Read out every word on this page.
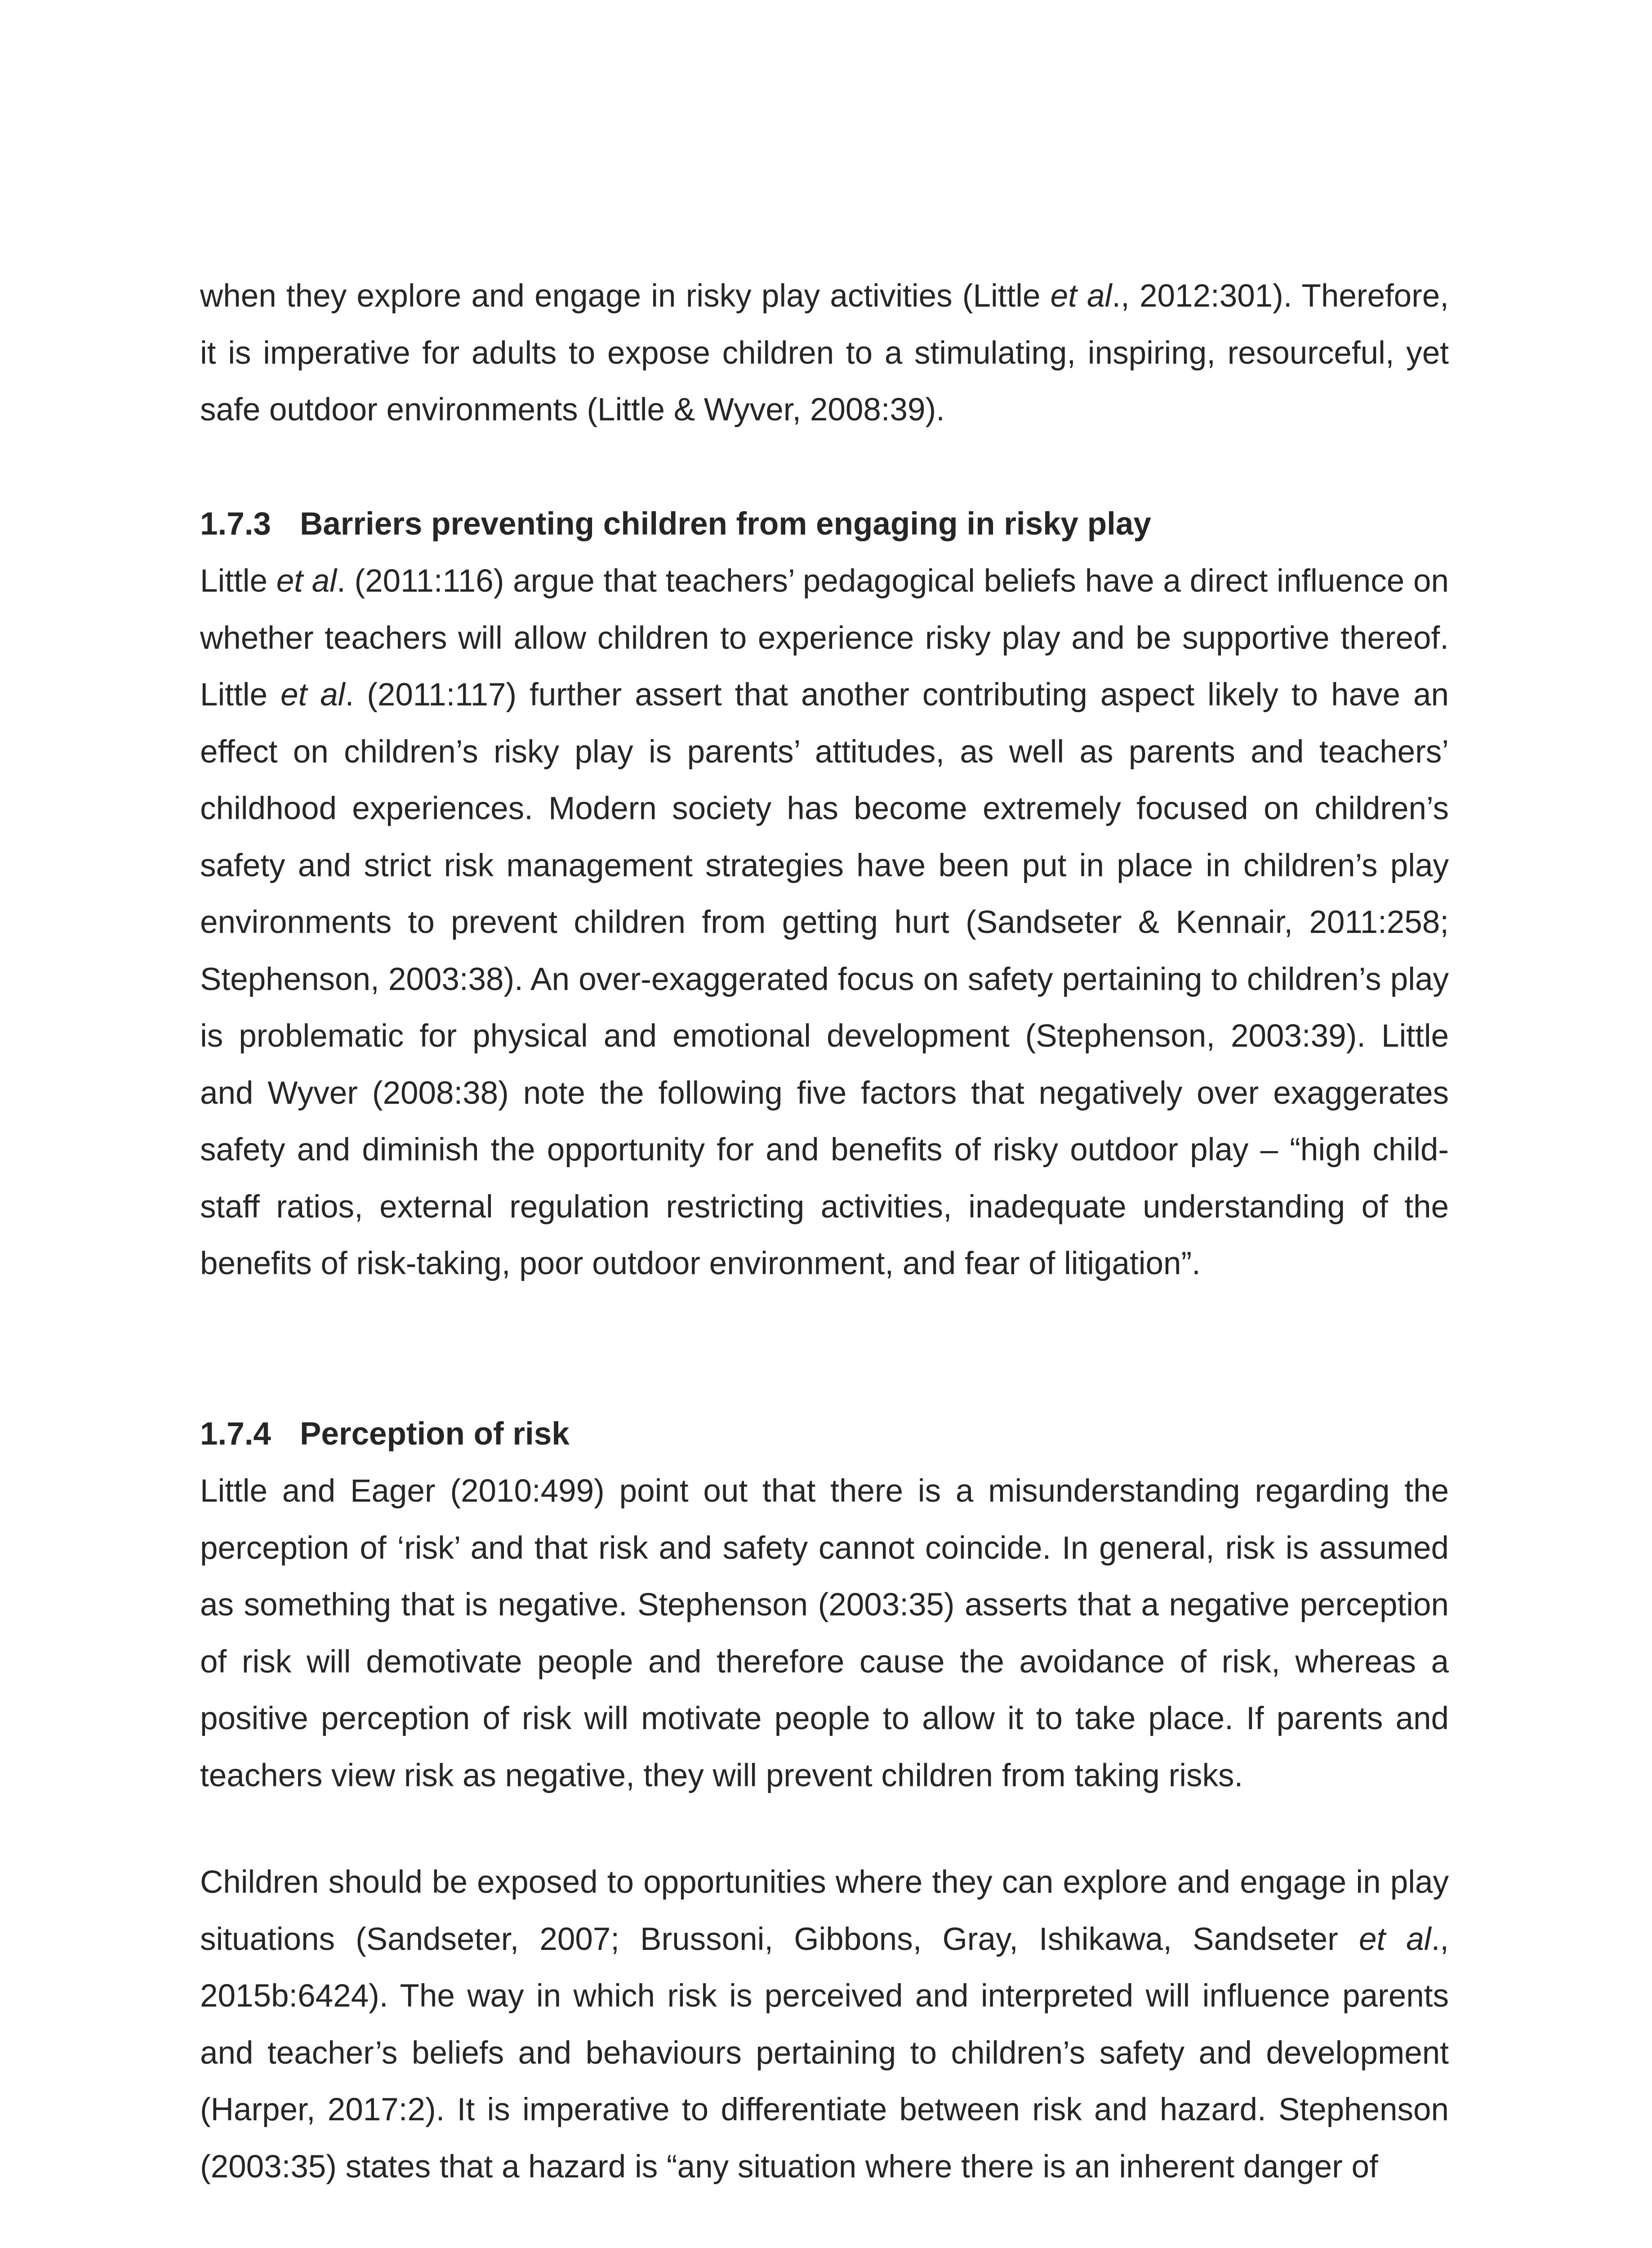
when they explore and engage in risky play activities (Little et al., 2012:301). Therefore, it is imperative for adults to expose children to a stimulating, inspiring, resourceful, yet safe outdoor environments (Little & Wyver, 2008:39).

1.7.3 Barriers preventing children from engaging in risky play

Little et al. (2011:116) argue that teachers’ pedagogical beliefs have a direct influence on whether teachers will allow children to experience risky play and be supportive thereof. Little et al. (2011:117) further assert that another contributing aspect likely to have an effect on children’s risky play is parents’ attitudes, as well as parents and teachers’ childhood experiences. Modern society has become extremely focused on children’s safety and strict risk management strategies have been put in place in children’s play environments to prevent children from getting hurt (Sandseter & Kennair, 2011:258; Stephenson, 2003:38). An over-exaggerated focus on safety pertaining to children’s play is problematic for physical and emotional development (Stephenson, 2003:39). Little and Wyver (2008:38) note the following five factors that negatively over exaggerates safety and diminish the opportunity for and benefits of risky outdoor play – “high child-staff ratios, external regulation restricting activities, inadequate understanding of the benefits of risk-taking, poor outdoor environment, and fear of litigation”.

1.7.4 Perception of risk

Little and Eager (2010:499) point out that there is a misunderstanding regarding the perception of ‘risk’ and that risk and safety cannot coincide. In general, risk is assumed as something that is negative. Stephenson (2003:35) asserts that a negative perception of risk will demotivate people and therefore cause the avoidance of risk, whereas a positive perception of risk will motivate people to allow it to take place. If parents and teachers view risk as negative, they will prevent children from taking risks.

Children should be exposed to opportunities where they can explore and engage in play situations (Sandseter, 2007; Brussoni, Gibbons, Gray, Ishikawa, Sandseter et al., 2015b:6424). The way in which risk is perceived and interpreted will influence parents and teacher’s beliefs and behaviours pertaining to children’s safety and development (Harper, 2017:2). It is imperative to differentiate between risk and hazard. Stephenson (2003:35) states that a hazard is “any situation where there is an inherent danger of
